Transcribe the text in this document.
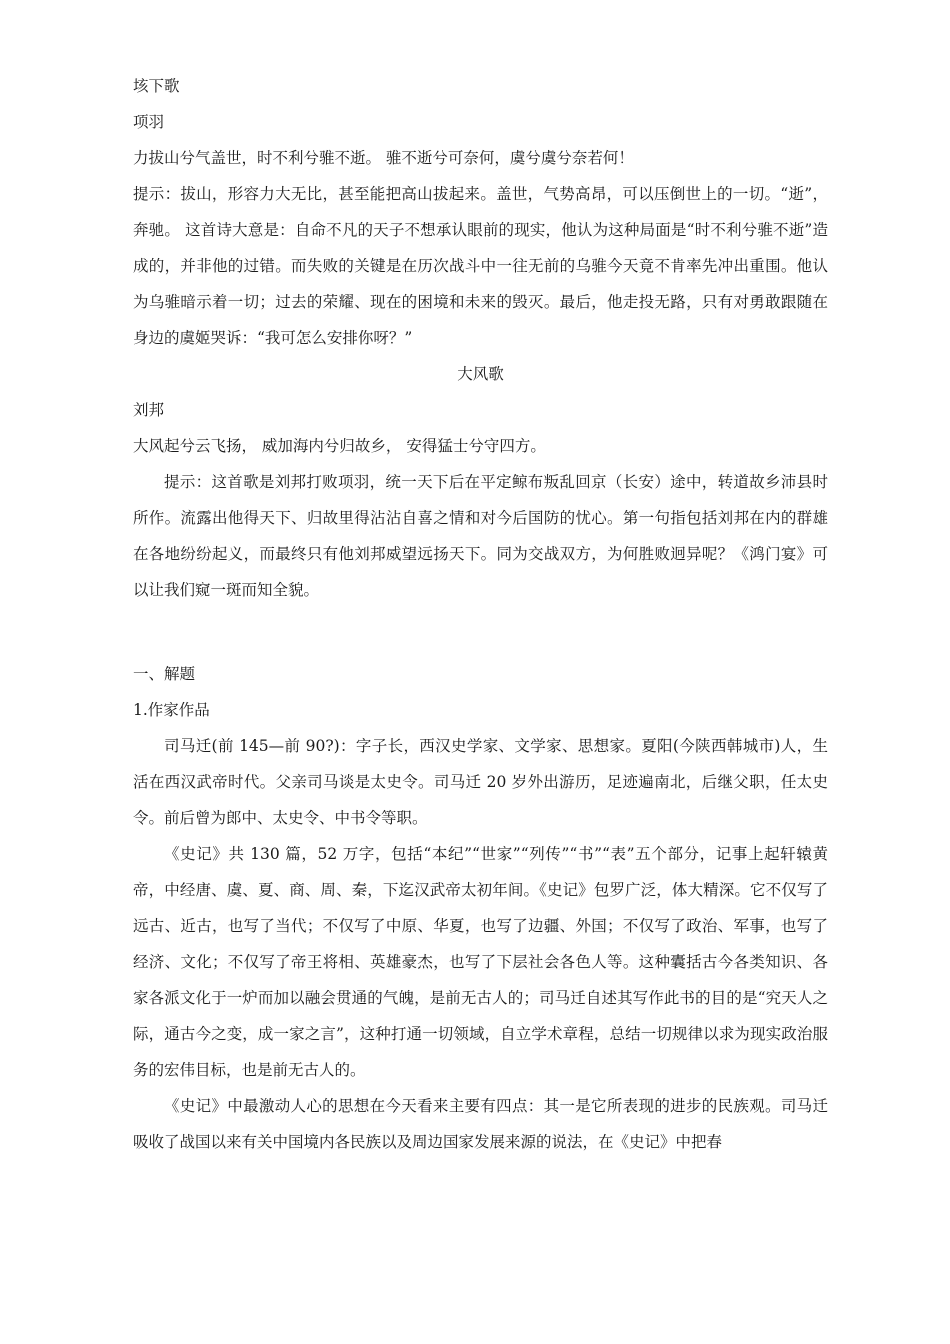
垓下歌
项羽
力拔山兮气盖世，时不利兮骓不逝。 骓不逝兮可奈何，虞兮虞兮奈若何！
提示：拔山，形容力大无比，甚至能把高山拔起来。盖世，气势高昂，可以压倒世上的一切。“逝”，奔驰。 这首诗大意是：自命不凡的天子不想承认眼前的现实，他认为这种局面是“时不利兮骓不逝”造成的，并非他的过错。而失败的关键是在历次战斗中一往无前的乌骓今天竟不肯率先冲出重围。他认为乌骓暗示着一切；过去的荣耀、现在的困境和未来的毁灭。最后，他走投无路，只有对勇敢跟随在身边的虞姬哭诉：“我可怎么安排你呀？”
大风歌
刘邦
大风起兮云飞扬， 威加海内兮归故乡， 安得猛士兮守四方。
提示：这首歌是刘邦打败项羽，统一天下后在平定鲸布叛乱回京（长安）途中，转道故乡沛县时所作。流露出他得天下、归故里得沾沾自喜之情和对今后国防的忧心。第一句指包括刘邦在内的群雄在各地纷纷起义，而最终只有他刘邦威望远扬天下。同为交战双方，为何胜败迥异呢？《鸿门宴》可以让我们窥一斑而知全貌。
一、解题
1.作家作品
司马迁(前 145—前 90?)：字子长，西汉史学家、文学家、思想家。夏阳(今陕西韩城市)人，生活在西汉武帝时代。父亲司马谈是太史令。司马迁 20 岁外出游历，足迹遍南北，后继父职，任太史令。前后曾为郎中、太史令、中书令等职。
《史记》共 130 篇，52 万字，包括“本纪”“世家”“列传”“书”“表”五个部分，记事上起轩辕黄帝，中经唐、虞、夏、商、周、秦，下迄汉武帝太初年间。《史记》包罗广泛，体大精深。它不仅写了远古、近古，也写了当代；不仅写了中原、华夏，也写了边疆、外国；不仅写了政治、军事，也写了经济、文化；不仅写了帝王将相、英雄豪杰，也写了下层社会各色人等。这种囊括古今各类知识、各家各派文化于一炉而加以融会贯通的气魄，是前无古人的；司马迁自述其写作此书的目的是“究天人之际，通古今之变，成一家之言”，这种打通一切领域，自立学术章程，总结一切规律以求为现实政治服务的宏伟目标，也是前无古人的。
《史记》中最激动人心的思想在今天看来主要有四点：其一是它所表现的进步的民族观。司马迁吸收了战国以来有关中国境内各民族以及周边国家发展来源的说法，在《史记》中把春
